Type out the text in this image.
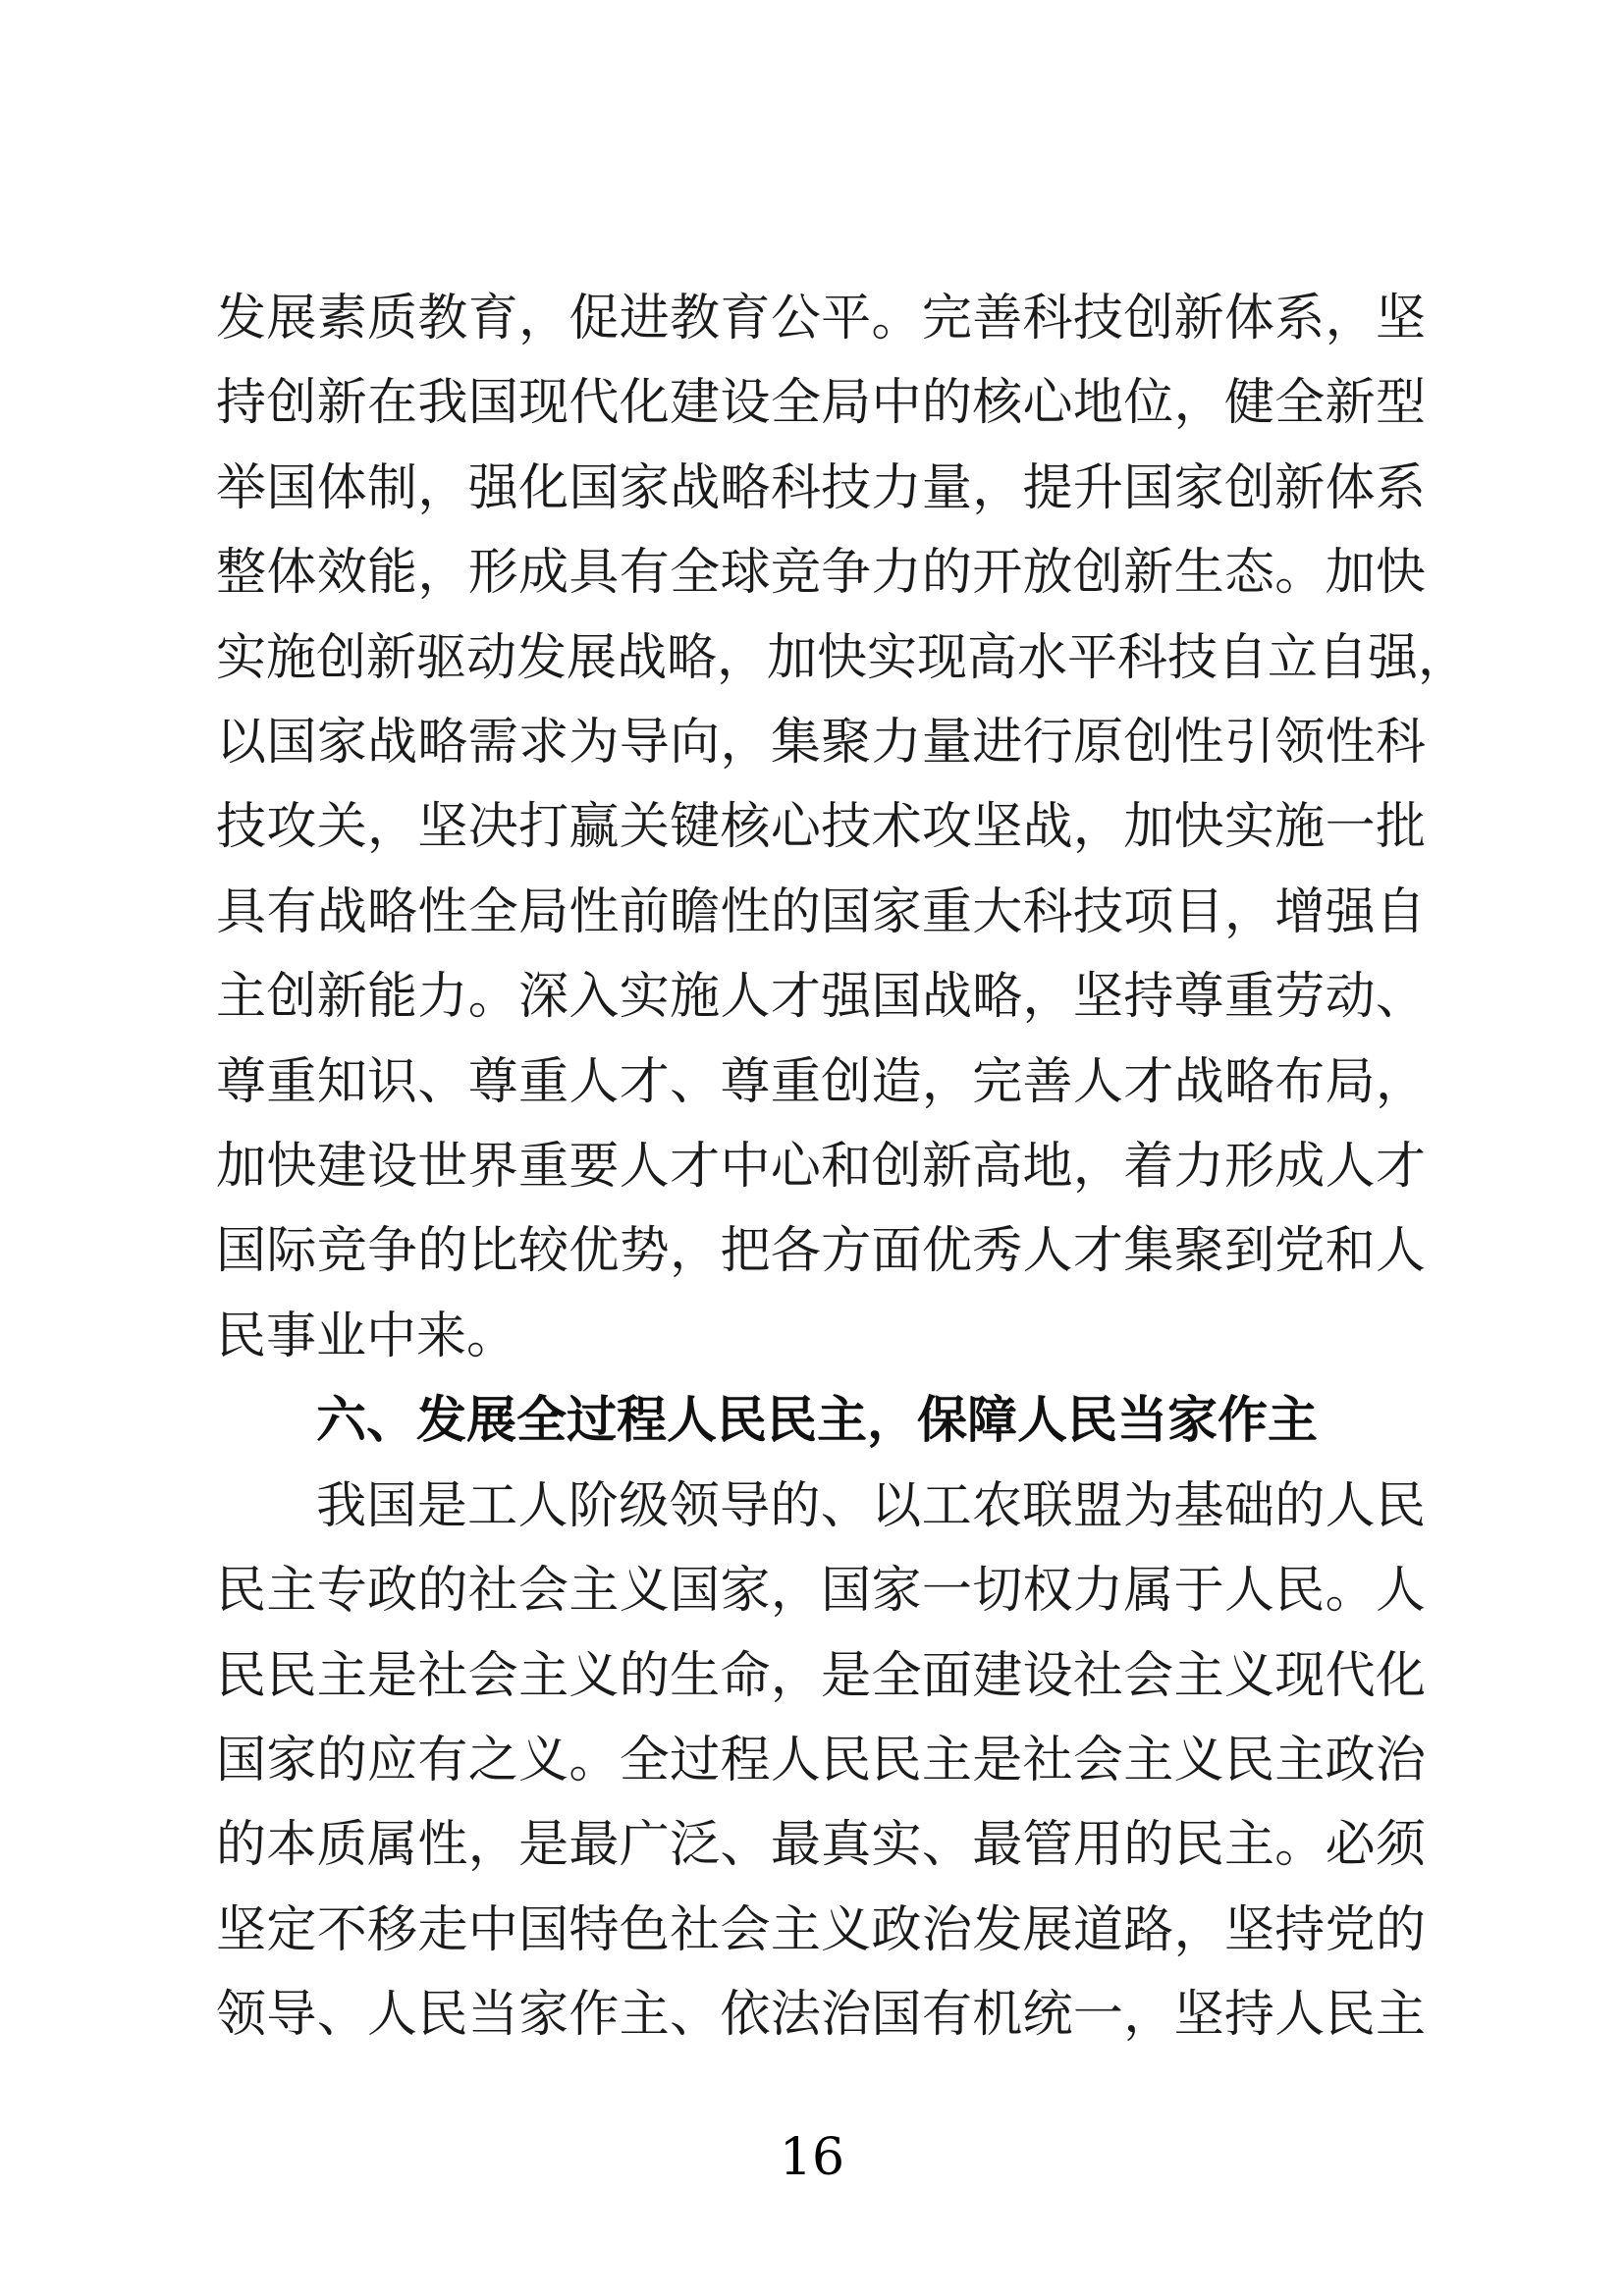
发展素质教育，促进教育公平。完善科技创新体系，坚
持创新在我国现代化建设全局中的核心地位，健全新型
举国体制，强化国家战略科技力量，提升国家创新体系
整体效能，形成具有全球竞争力的开放创新生态。加快
实施创新驱动发展战略，加快实现高水平科技自立自强，
以国家战略需求为导向，集聚力量进行原创性引领性科
技攻关，坚决打赢关键核心技术攻坚战，加快实施一批
具有战略性全局性前瞻性的国家重大科技项目，增强自
主创新能力。深入实施人才强国战略，坚持尊重劳动、
尊重知识、尊重人才、尊重创造，完善人才战略布局，
加快建设世界重要人才中心和创新高地，着力形成人才
国际竞争的比较优势，把各方面优秀人才集聚到党和人
民事业中来。
六、发展全过程人民民主，保障人民当家作主
我国是工人阶级领导的、以工农联盟为基础的人民
民主专政的社会主义国家，国家一切权力属于人民。人
民民主是社会主义的生命，是全面建设社会主义现代化
国家的应有之义。全过程人民民主是社会主义民主政治
的本质属性，是最广泛、最真实、最管用的民主。必须
坚定不移走中国特色社会主义政治发展道路，坚持党的
领导、人民当家作主、依法治国有机统一，坚持人民主
16
